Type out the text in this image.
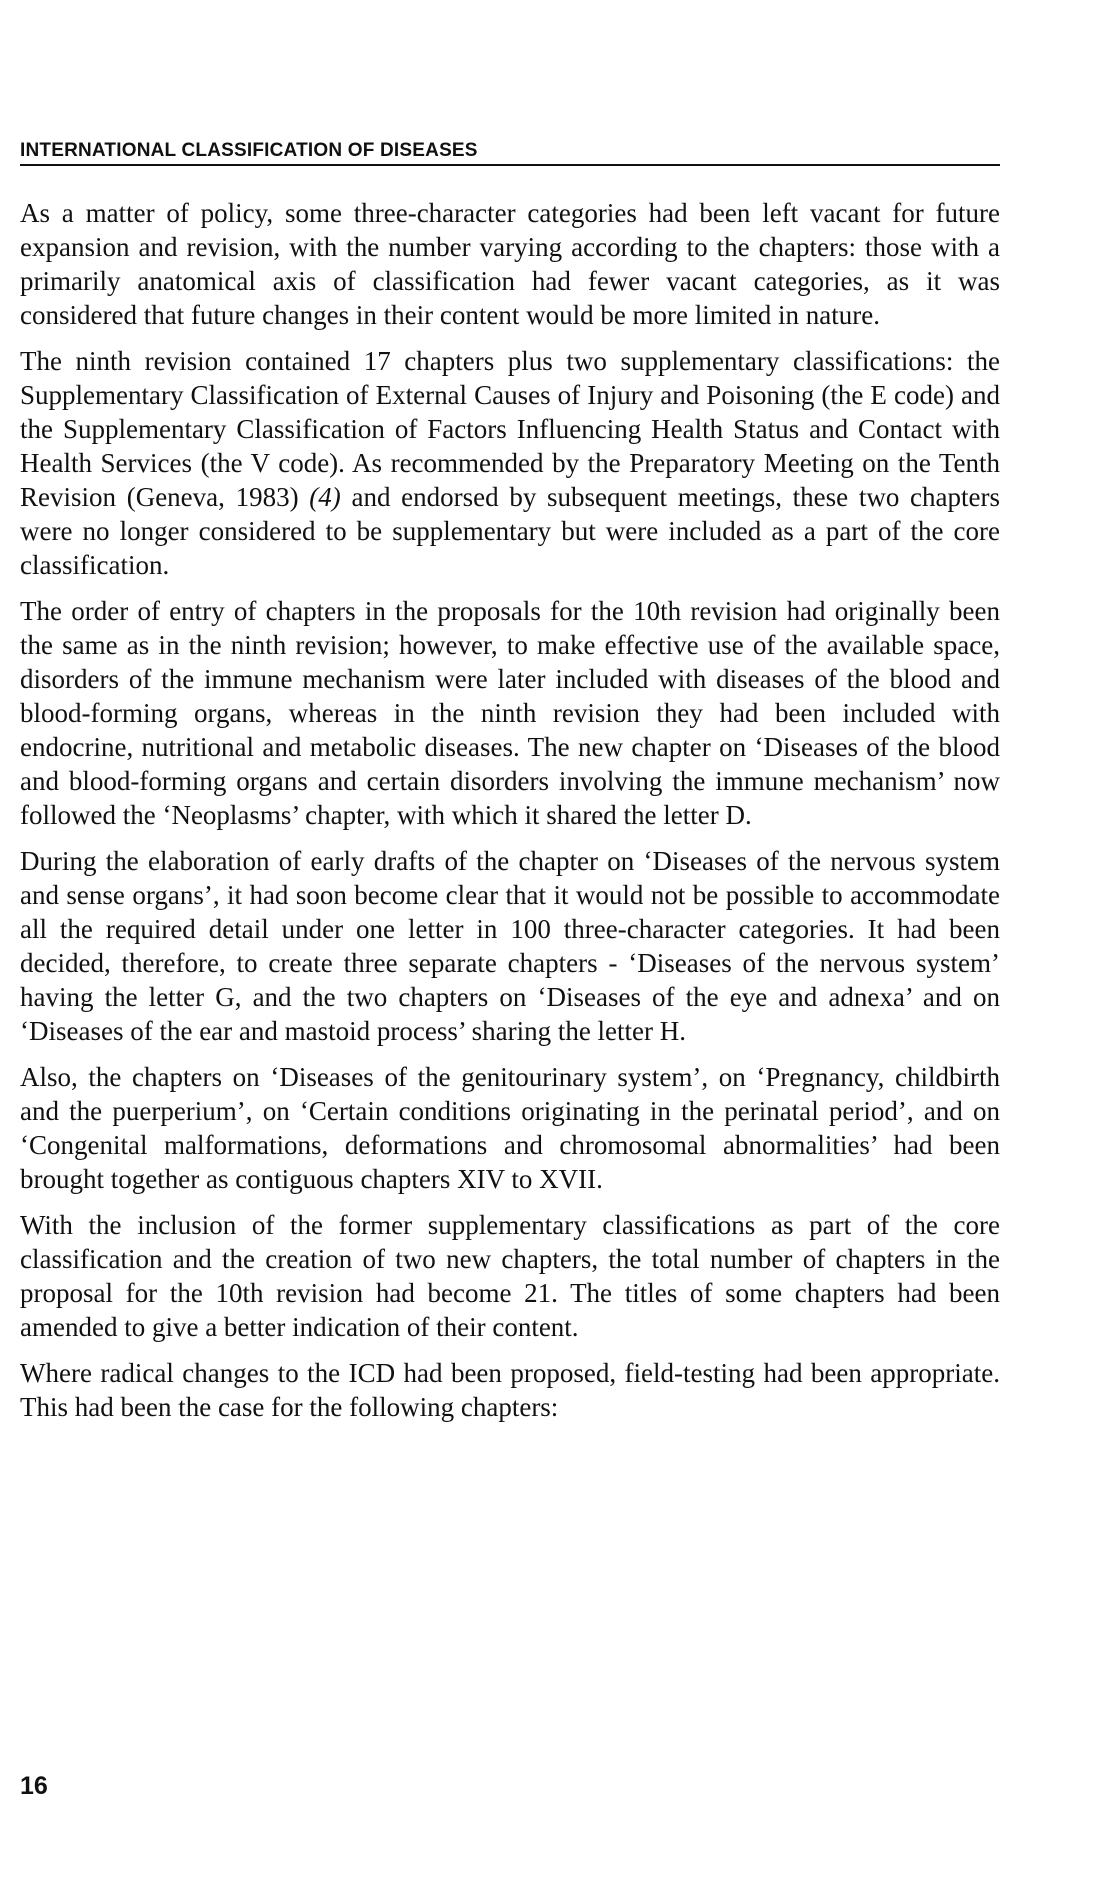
INTERNATIONAL CLASSIFICATION OF DISEASES

As a matter of policy, some three-character categories had been left vacant for future expansion and revision, with the number varying according to the chapters: those with a primarily anatomical axis of classification had fewer vacant categories, as it was considered that future changes in their content would be more limited in nature.

The ninth revision contained 17 chapters plus two supplementary classifications: the Supplementary Classification of External Causes of Injury and Poisoning (the E code) and the Supplementary Classification of Factors Influencing Health Status and Contact with Health Services (the V code). As recommended by the Preparatory Meeting on the Tenth Revision (Geneva, 1983) (4) and endorsed by subsequent meetings, these two chapters were no longer considered to be supplementary but were included as a part of the core classification.

The order of entry of chapters in the proposals for the 10th revision had originally been the same as in the ninth revision; however, to make effective use of the available space, disorders of the immune mechanism were later included with diseases of the blood and blood-forming organs, whereas in the ninth revision they had been included with endocrine, nutritional and metabolic diseases. The new chapter on ‘Diseases of the blood and blood-forming organs and certain disorders involving the immune mechanism’ now followed the ‘Neoplasms’ chapter, with which it shared the letter D.

During the elaboration of early drafts of the chapter on ‘Diseases of the nervous system and sense organs’, it had soon become clear that it would not be possible to accommodate all the required detail under one letter in 100 three-character categories. It had been decided, therefore, to create three separate chapters - ‘Diseases of the nervous system’ having the letter G, and the two chapters on ‘Diseases of the eye and adnexa’ and on ‘Diseases of the ear and mastoid process’ sharing the letter H.

Also, the chapters on ‘Diseases of the genitourinary system’, on ‘Pregnancy, childbirth and the puerperium’, on ‘Certain conditions originating in the perinatal period’, and on ‘Congenital malformations, deformations and chromosomal abnormalities’ had been brought together as contiguous chapters XIV to XVII.

With the inclusion of the former supplementary classifications as part of the core classification and the creation of two new chapters, the total number of chapters in the proposal for the 10th revision had become 21. The titles of some chapters had been amended to give a better indication of their content.

Where radical changes to the ICD had been proposed, field-testing had been appropriate. This had been the case for the following chapters:

16
